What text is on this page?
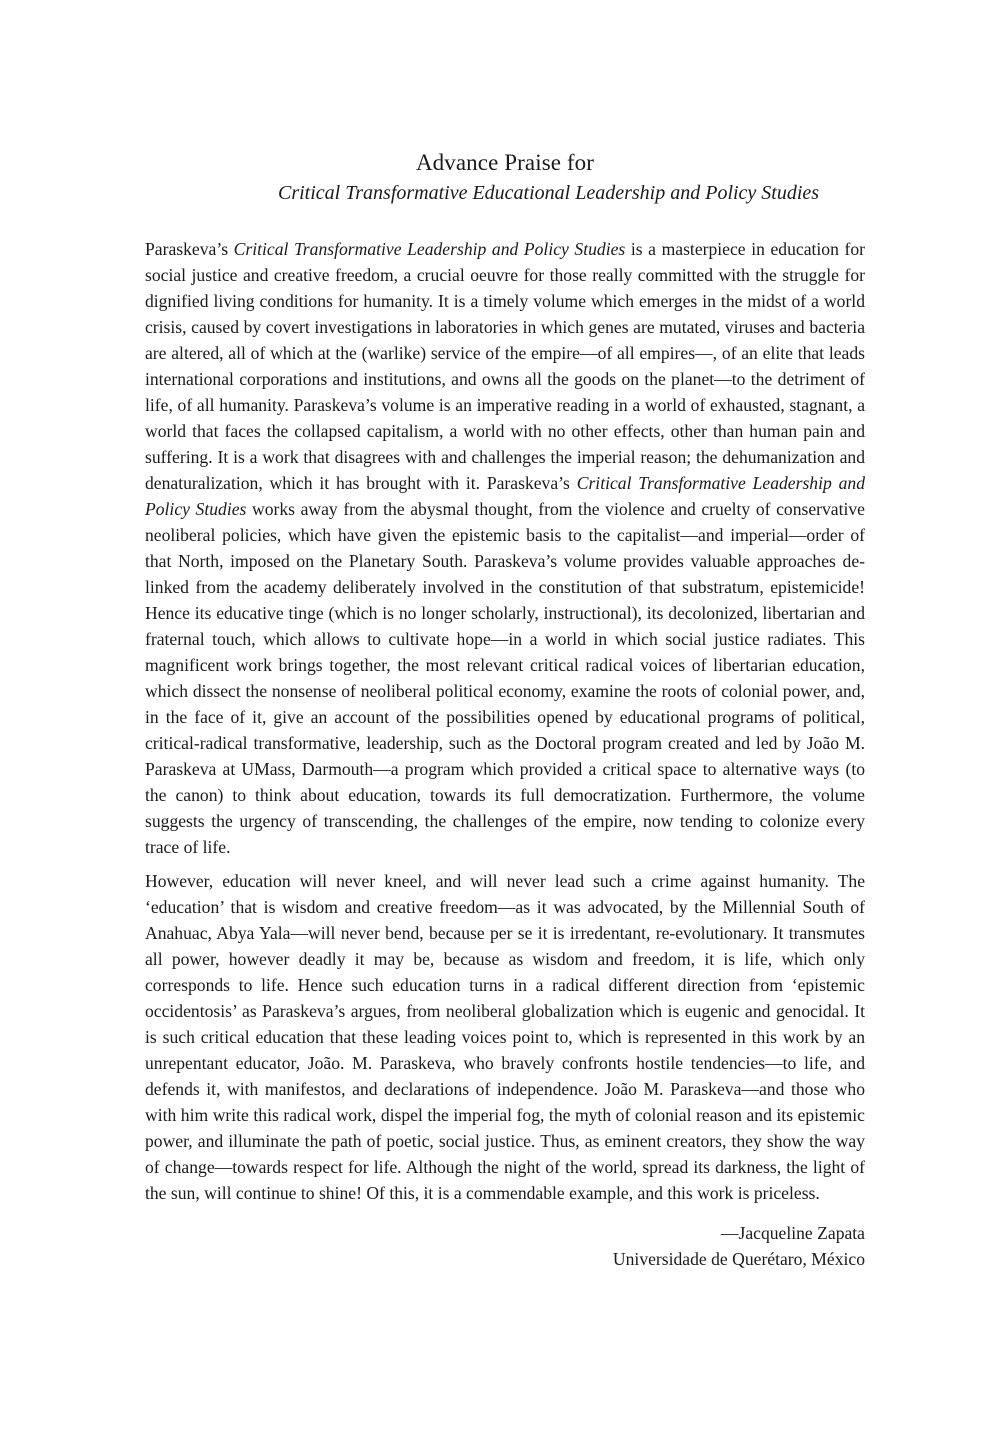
Advance Praise for
Critical Transformative Educational Leadership and Policy Studies

Paraskeva’s Critical Transformative Leadership and Policy Studies is a masterpiece in education for social justice and creative freedom, a crucial oeuvre for those really committed with the struggle for dignified living conditions for humanity. It is a timely volume which emerges in the midst of a world crisis, caused by covert investigations in laboratories in which genes are mutated, viruses and bacteria are altered, all of which at the (warlike) service of the empire—of all empires—, of an elite that leads international corporations and institutions, and owns all the goods on the planet—to the detriment of life, of all humanity. Paraskeva’s volume is an imperative reading in a world of exhausted, stagnant, a world that faces the collapsed capitalism, a world with no other effects, other than human pain and suffering. It is a work that disagrees with and challenges the imperial reason; the dehumanization and denaturalization, which it has brought with it. Paraskeva’s Critical Transformative Leadership and Policy Studies works away from the abysmal thought, from the violence and cruelty of conservative neoliberal policies, which have given the epistemic basis to the capitalist—and imperial—order of that North, imposed on the Planetary South. Paraskeva’s volume provides valuable approaches de-linked from the academy deliberately involved in the constitution of that substratum, epistemicide! Hence its educative tinge (which is no longer scholarly, instructional), its decolonized, libertarian and fraternal touch, which allows to cultivate hope—in a world in which social justice radiates. This magnificent work brings together, the most relevant critical radical voices of libertarian education, which dissect the nonsense of neoliberal political economy, examine the roots of colonial power, and, in the face of it, give an account of the possibilities opened by educational programs of political, critical-radical transformative, leadership, such as the Doctoral program created and led by João M. Paraskeva at UMass, Darmouth—a program which provided a critical space to alternative ways (to the canon) to think about education, towards its full democratization. Furthermore, the volume suggests the urgency of transcending, the challenges of the empire, now tending to colonize every trace of life.

However, education will never kneel, and will never lead such a crime against humanity. The ‘education’ that is wisdom and creative freedom—as it was advocated, by the Millennial South of Anahuac, Abya Yala—will never bend, because per se it is irredentant, re-evolutionary. It transmutes all power, however deadly it may be, because as wisdom and freedom, it is life, which only corresponds to life. Hence such education turns in a radical different direction from ‘epistemic occidentosis’ as Paraskeva’s argues, from neoliberal globalization which is eugenic and genocidal. It is such critical education that these leading voices point to, which is represented in this work by an unrepentant educator, João. M. Paraskeva, who bravely confronts hostile tendencies—to life, and defends it, with manifestos, and declarations of independence. João M. Paraskeva—and those who with him write this radical work, dispel the imperial fog, the myth of colonial reason and its epistemic power, and illuminate the path of poetic, social justice. Thus, as eminent creators, they show the way of change—towards respect for life. Although the night of the world, spread its darkness, the light of the sun, will continue to shine! Of this, it is a commendable example, and this work is priceless.

—Jacqueline Zapata
Universidade de Querétaro, México
